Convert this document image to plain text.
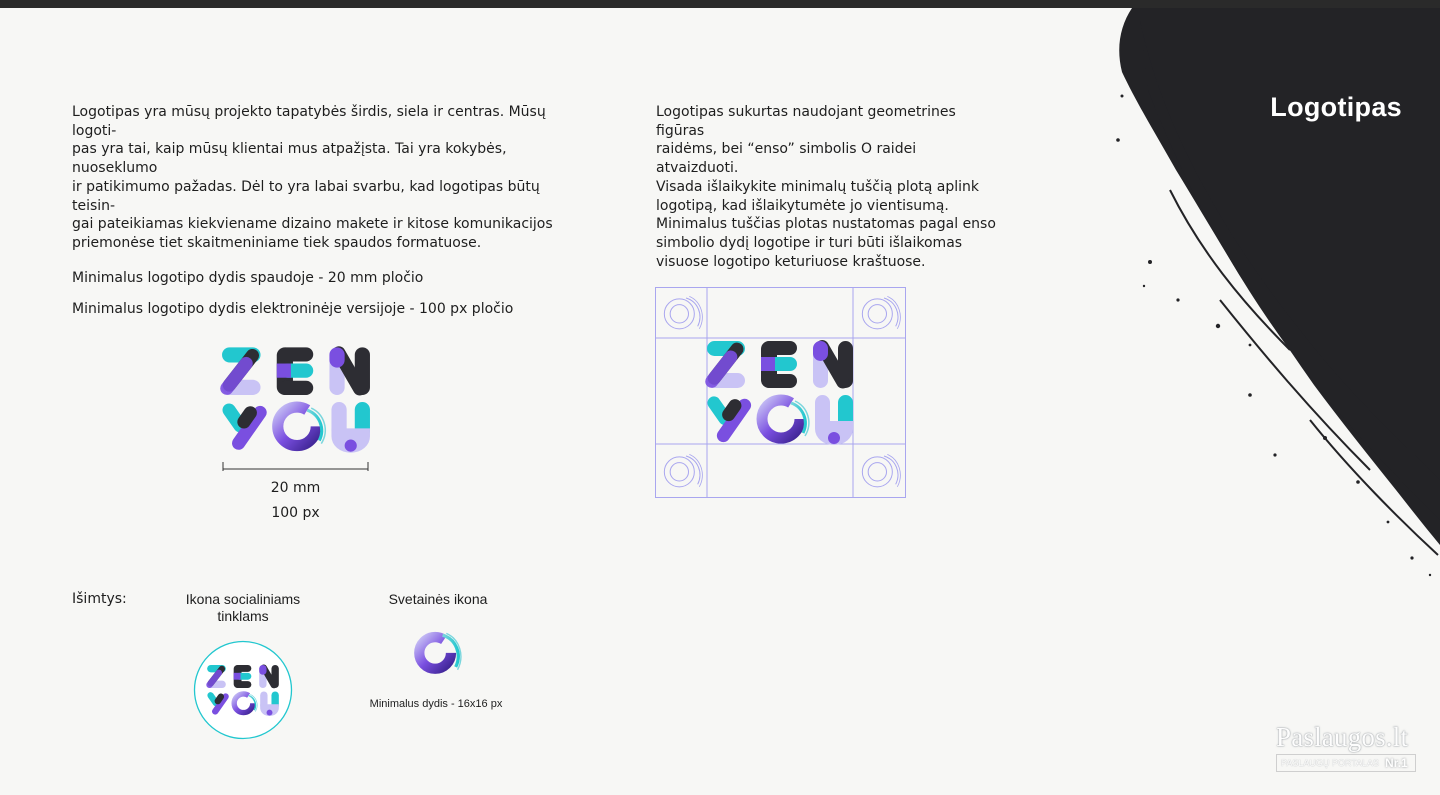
Logotipas
Logotipas yra mūsų projekto tapatybės širdis, siela ir centras. Mūsų logoti-
pas yra tai, kaip mūsų klientai mus atpažįsta. Tai yra kokybės, nuoseklumo
ir patikimumo pažadas. Dėl to yra labai svarbu, kad logotipas būtų teisin-
gai pateikiamas kiekviename dizaino makete ir kitose komunikacijos
priemonėse tiet skaitmeniniame tiek spaudos formatuose.
Minimalus logotipo dydis spaudoje - 20 mm pločio
Minimalus logotipo dydis elektroninėje versijoje - 100 px pločio
Logotipas sukurtas naudojant geometrines figūras
raidėms, bei “enso” simbolis O raidei atvaizduoti.
Visada išlaikykite minimalų tuščią plotą aplink
logotipą, kad išlaikytumėte jo vientisumą.
Minimalus tuščias plotas nustatomas pagal enso
simbolio dydį logotipe ir turi būti išlaikomas
visuose logotipo keturiuose kraštuose.
20 mm
100 px
Išimtys:	Ikona socialiniams tinklams
Svetainės ikona
Minimalus dydis - 16x16 px
Paslaugos.lt
PASLAUGŲ PORTALAS Nr.1
